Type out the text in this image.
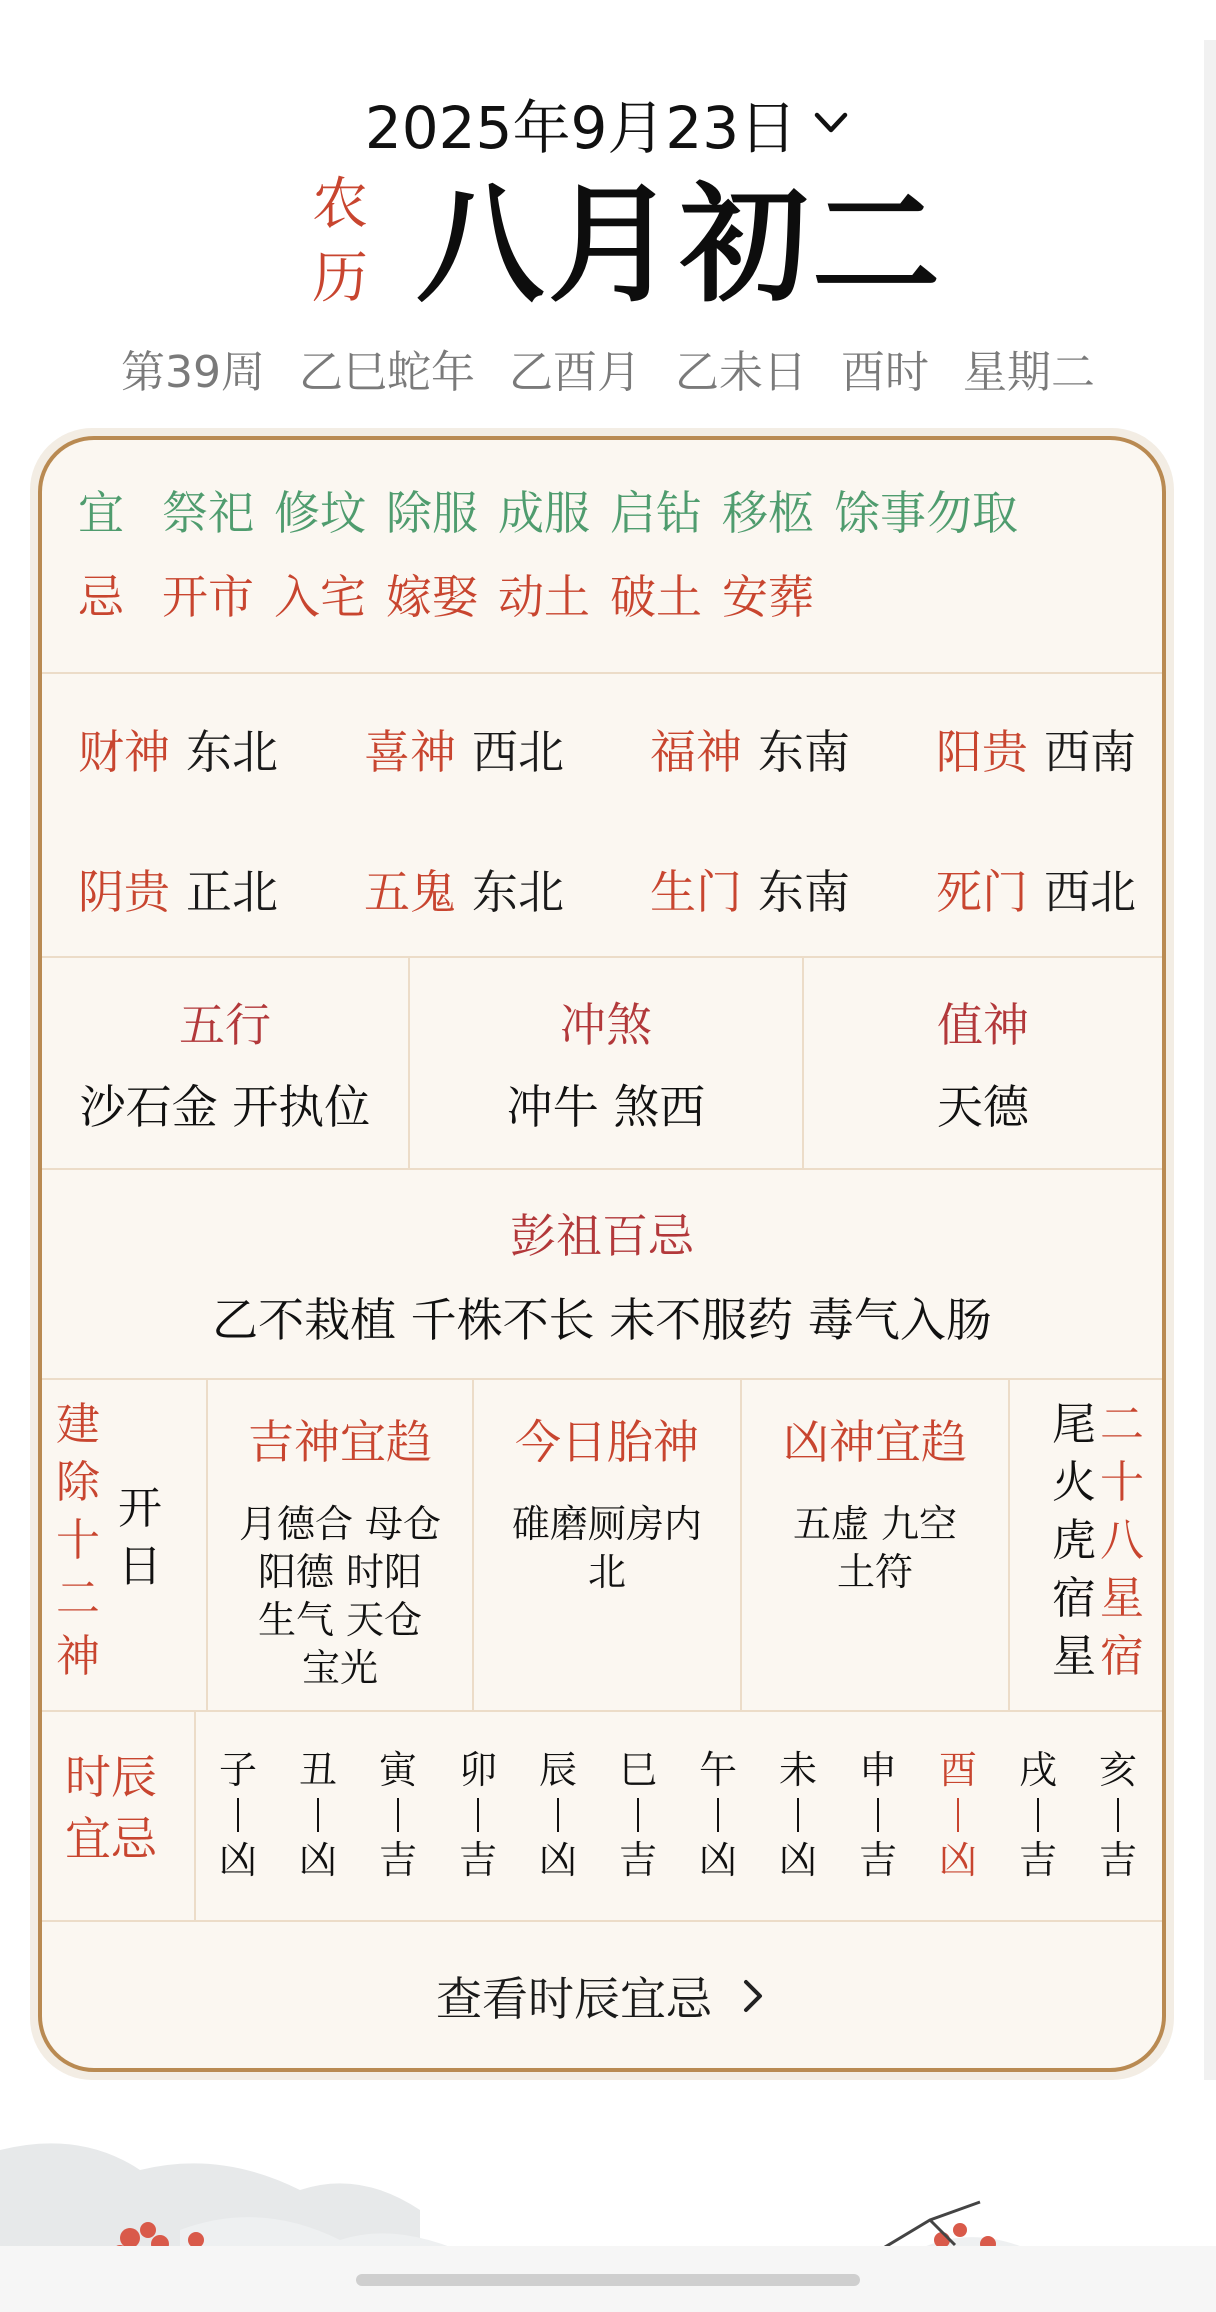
2025年9月23日
农
历 八月初二
第39周 乙巳蛇年 乙酉月 乙未日 酉时 星期二
宜 祭祀 修坟 除服 成服 启钻 移柩 馀事勿取
忌 开市 入宅 嫁娶 动土 破土 安葬
财神 东北 喜神 西北 福神 东南 阳贵 西南
阴贵 正北 五鬼 东北 生门 东南 死门 西北
五行
沙石金 开执位
冲煞
冲牛 煞西
值神
天德
彭祖百忌
乙不栽植 千株不长 未不服药 毒气入肠
建
除
十
二
神
开
日
吉神宜趋
月德合 母仓
阳德 时阳
生气 天仓
宝光
今日胎神
碓磨厕房内
北
凶神宜趋
五虚 九空
土符
尾
火
虎
宿
星
二
十
八
星
宿
时辰
宜忌
子
凶
丑
凶
寅
吉
卯
吉
辰
凶
巳
吉
午
凶
未
凶
申
吉
酉
凶
戌
吉
亥
吉
查看时辰宜忌
